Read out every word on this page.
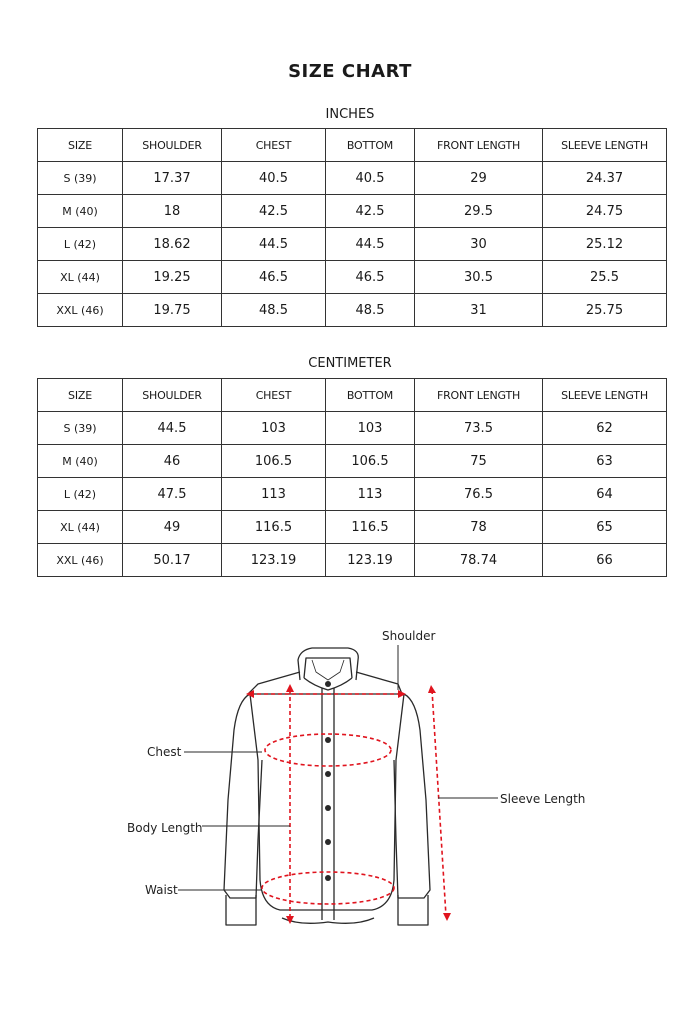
SIZE CHART
INCHES
SIZE	SHOULDER	CHEST	BOTTOM	FRONT LENGTH	SLEEVE LENGTH
S (39)	17.37	40.5	40.5	29	24.37
M (40)	18	42.5	42.5	29.5	24.75
L (42)	18.62	44.5	44.5	30	25.12
XL (44)	19.25	46.5	46.5	30.5	25.5
XXL (46)	19.75	48.5	48.5	31	25.75
CENTIMETER
SIZE	SHOULDER	CHEST	BOTTOM	FRONT LENGTH	SLEEVE LENGTH
S (39)	44.5	103	103	73.5	62
M (40)	46	106.5	106.5	75	63
L (42)	47.5	113	113	76.5	64
XL (44)	49	116.5	116.5	78	65
XXL (46)	50.17	123.19	123.19	78.74	66
Shoulder
Chest
Body Length
Waist
Sleeve Length
